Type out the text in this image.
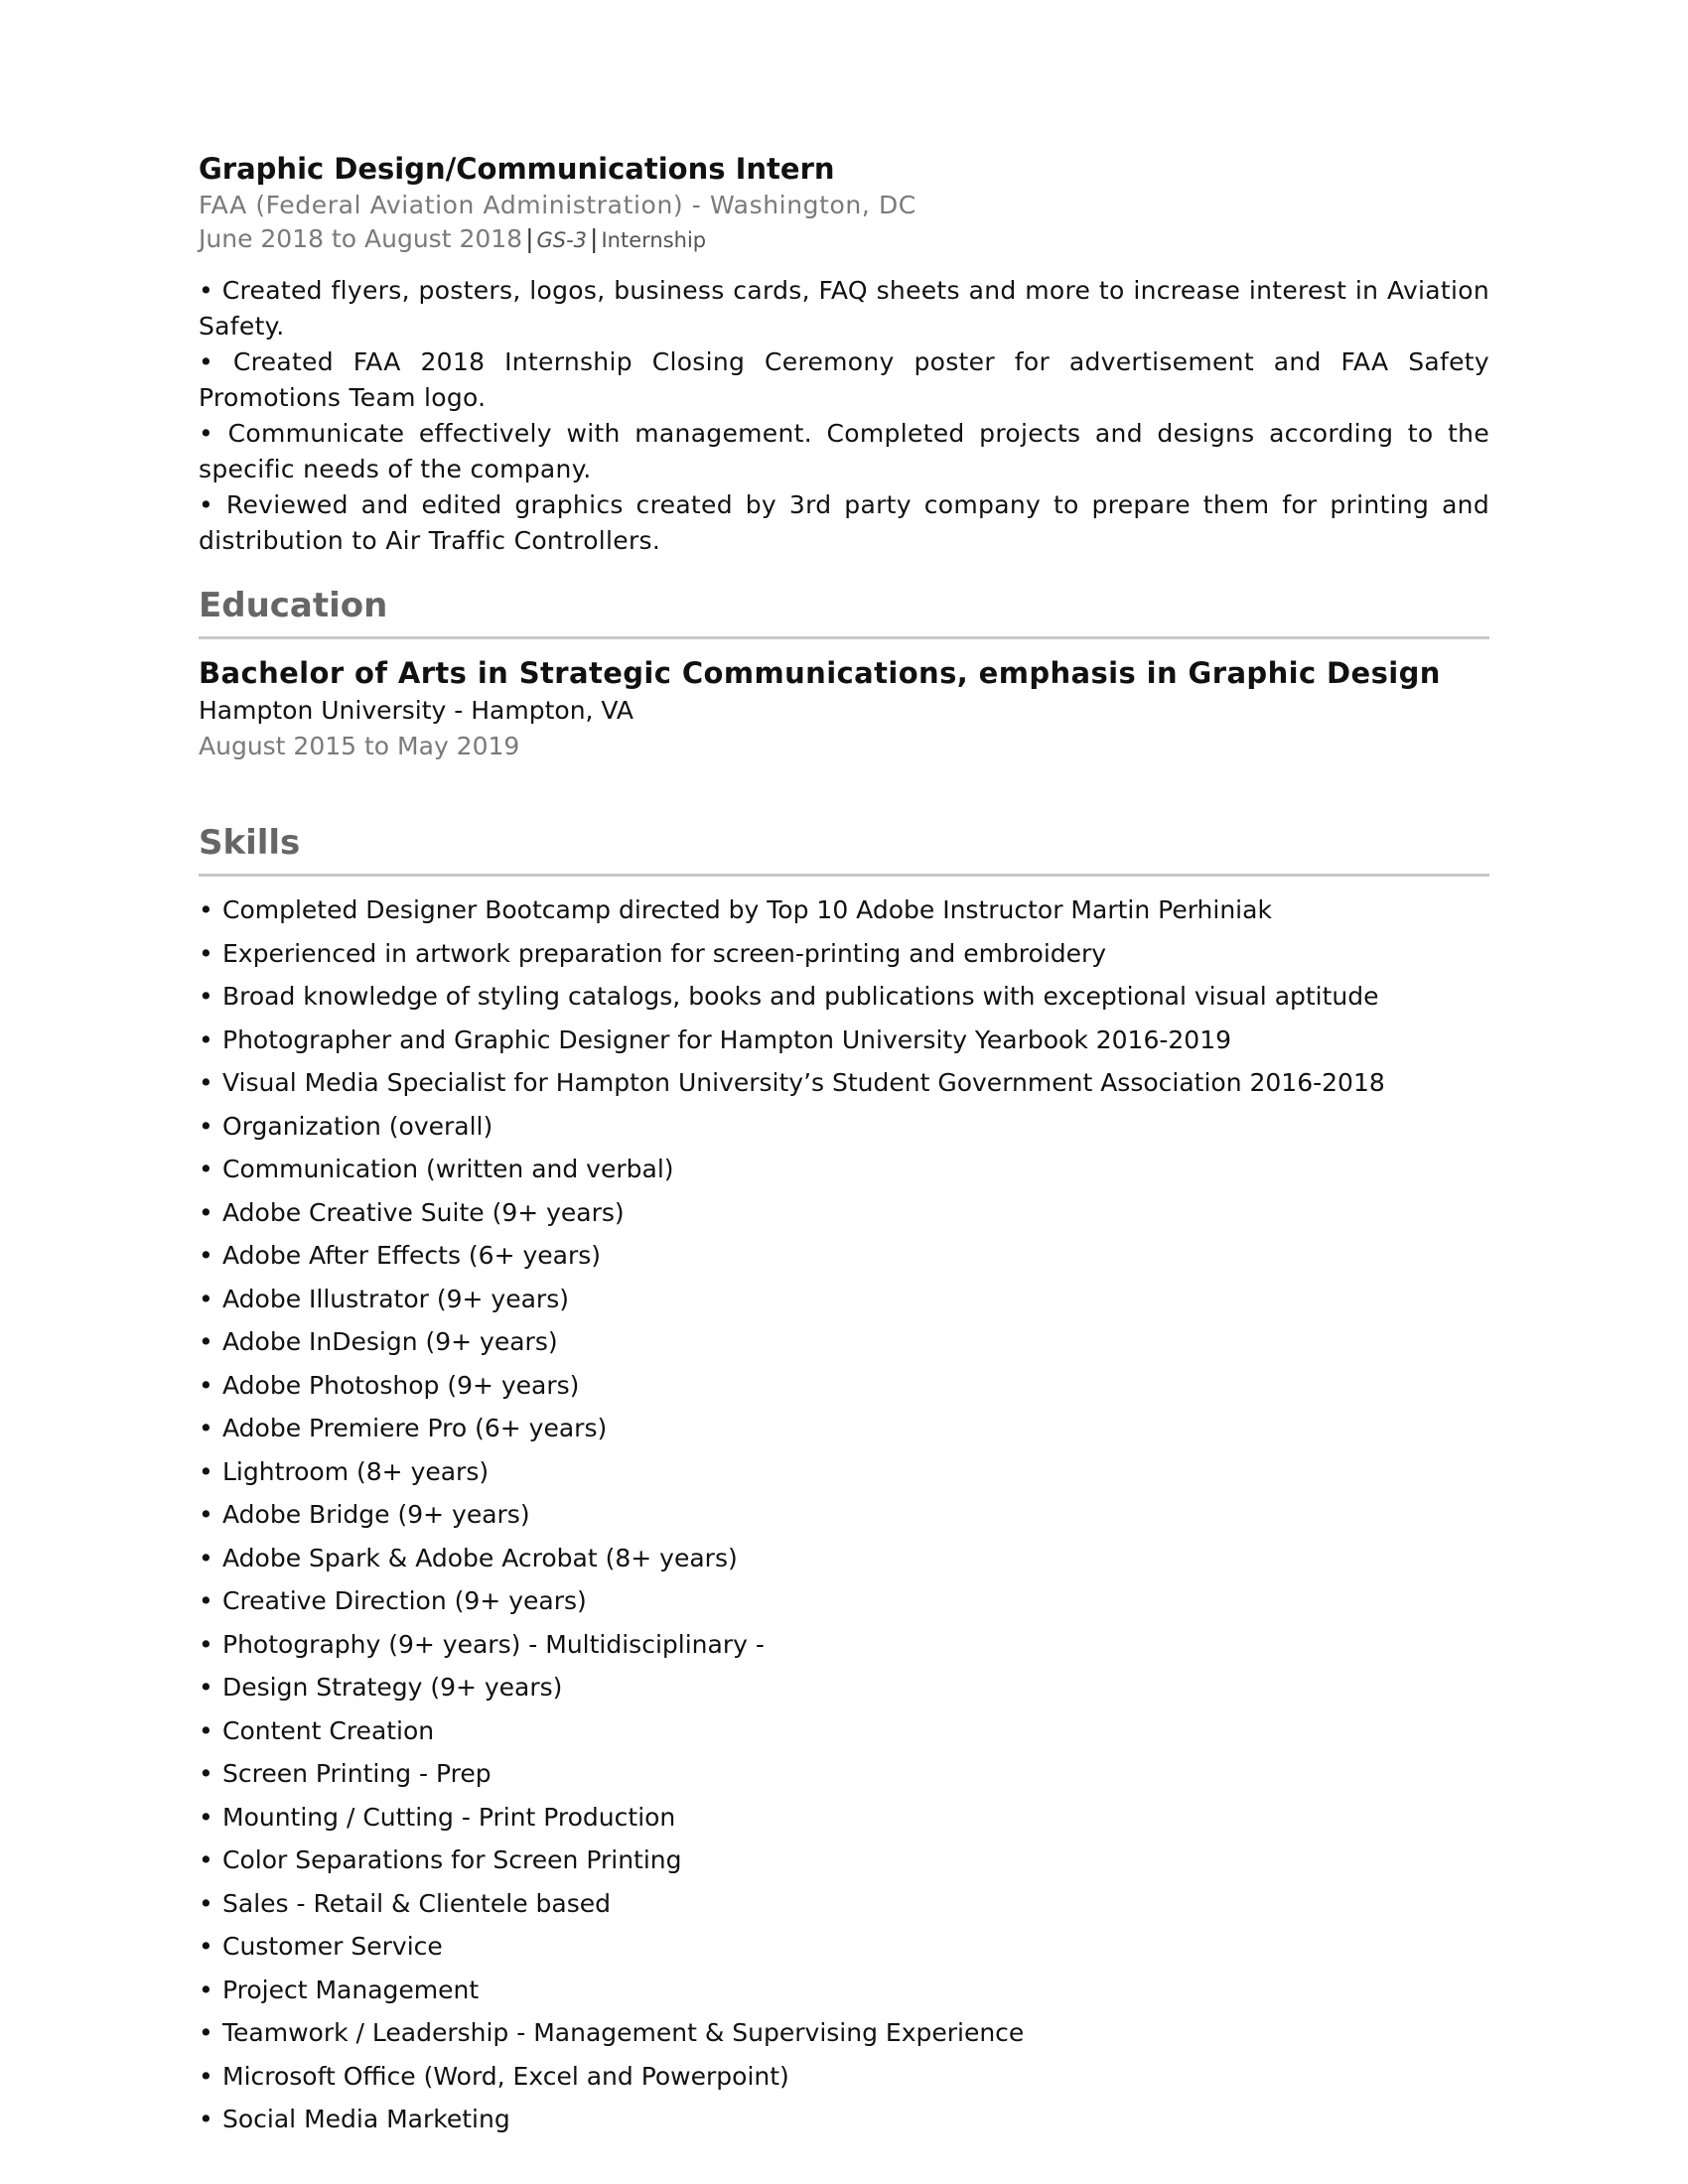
Graphic Design/Communications Intern
FAA (Federal Aviation Administration) - Washington, DC
June 2018 to August 2018 | GS-3 | Internship
• Created flyers, posters, logos, business cards, FAQ sheets and more to increase interest in Aviation Safety.
• Created FAA 2018 Internship Closing Ceremony poster for advertisement and FAA Safety Promotions Team logo.
• Communicate effectively with management. Completed projects and designs according to the specific needs of the company.
• Reviewed and edited graphics created by 3rd party company to prepare them for printing and distribution to Air Traffic Controllers.
Education
Bachelor of Arts in Strategic Communications, emphasis in Graphic Design
Hampton University - Hampton, VA
August 2015 to May 2019
Skills
• Completed Designer Bootcamp directed by Top 10 Adobe Instructor Martin Perhiniak
• Experienced in artwork preparation for screen-printing and embroidery
• Broad knowledge of styling catalogs, books and publications with exceptional visual aptitude
• Photographer and Graphic Designer for Hampton University Yearbook 2016-2019
• Visual Media Specialist for Hampton University’s Student Government Association 2016-2018
• Organization (overall)
• Communication (written and verbal)
• Adobe Creative Suite (9+ years)
• Adobe After Effects (6+ years)
• Adobe Illustrator (9+ years)
• Adobe InDesign (9+ years)
• Adobe Photoshop (9+ years)
• Adobe Premiere Pro (6+ years)
• Lightroom (8+ years)
• Adobe Bridge (9+ years)
• Adobe Spark & Adobe Acrobat (8+ years)
• Creative Direction (9+ years)
• Photography (9+ years) - Multidisciplinary -
• Design Strategy (9+ years)
• Content Creation
• Screen Printing - Prep
• Mounting / Cutting - Print Production
• Color Separations for Screen Printing
• Sales - Retail & Clientele based
• Customer Service
• Project Management
• Teamwork / Leadership - Management & Supervising Experience
• Microsoft Office (Word, Excel and Powerpoint)
• Social Media Marketing
